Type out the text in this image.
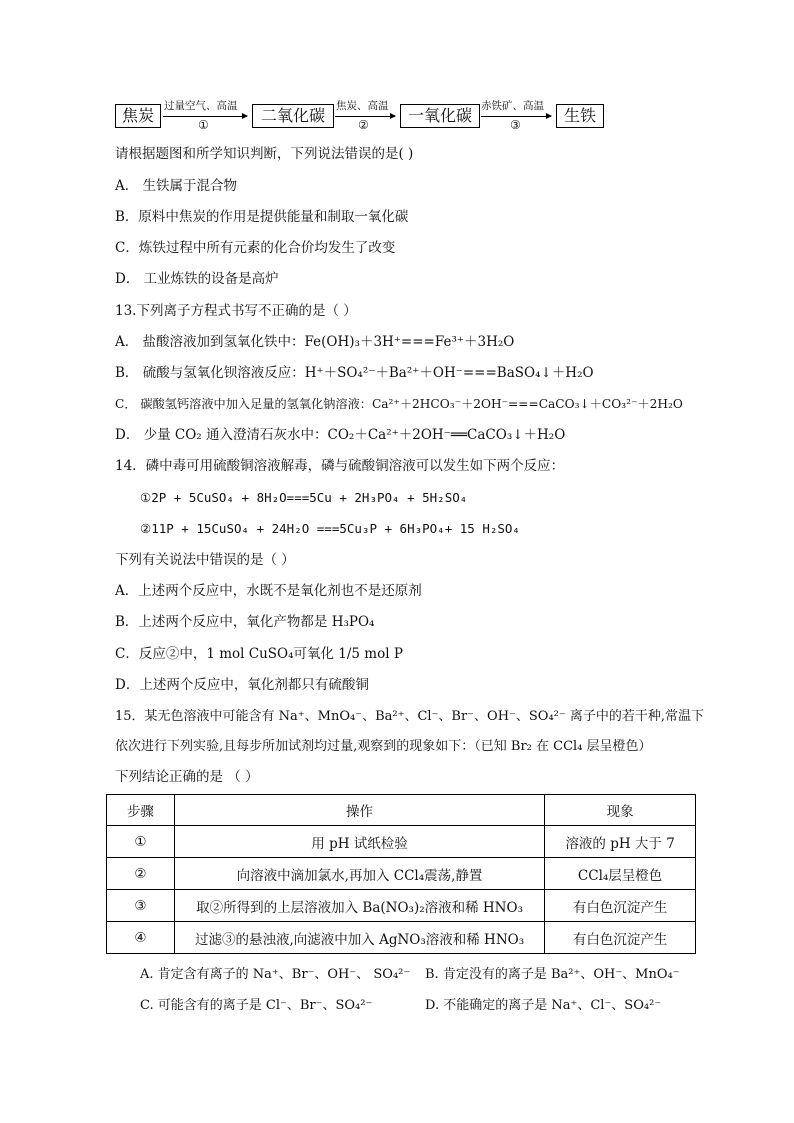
焦炭 过量空气、高温
①	二氧化碳	焦炭、高温
②	一氧化碳 赤铁矿、高温
③	生铁
请根据题图和所学知识判断，下列说法错误的是( )
A． 生铁属于混合物
B．原料中焦炭的作用是提供能量和制取一氧化碳
C．炼铁过程中所有元素的化合价均发生了改变
D． 工业炼铁的设备是高炉
13.下列离子方程式书写不正确的是（ ）
A． 盐酸溶液加到氢氧化铁中：Fe(OH)₃＋3H⁺===Fe³⁺＋3H₂O
B． 硫酸与氢氧化钡溶液反应：H⁺＋SO₄²⁻＋Ba²⁺＋OH⁻===BaSO₄↓＋H₂O
C． 碳酸氢钙溶液中加入足量的氢氧化钠溶液：Ca²⁺＋2HCO₃⁻＋2OH⁻===CaCO₃↓＋CO₃²⁻＋2H₂O
D． 少量 CO₂ 通入澄清石灰水中：CO₂＋Ca²⁺＋2OH⁻══CaCO₃↓＋H₂O
14．磷中毒可用硫酸铜溶液解毒，磷与硫酸铜溶液可以发生如下两个反应：
①2P + 5CuSO₄ + 8H₂O===5Cu + 2H₃PO₄ + 5H₂SO₄
②11P + 15CuSO₄ + 24H₂O ===5Cu₃P + 6H₃PO₄+ 15 H₂SO₄
下列有关说法中错误的是（ ）
A．上述两个反应中，水既不是氧化剂也不是还原剂
B．上述两个反应中，氧化产物都是 H₃PO₄
C．反应②中，1 mol CuSO₄可氧化 1/5 mol P
D．上述两个反应中，氧化剂都只有硫酸铜
15．某无色溶液中可能含有 Na⁺、MnO₄⁻、Ba²⁺、Cl⁻、Br⁻、OH⁻、SO₄²⁻ 离子中的若干种,常温下
依次进行下列实验,且每步所加试剂均过量,观察到的现象如下：（已知 Br₂ 在 CCl₄ 层呈橙色）
下列结论正确的是 （ ）
步骤	操作	现象
①	用 pH 试纸检验	溶液的 pH 大于 7
②	向溶液中滴加氯水,再加入 CCl₄震荡,静置	CCl₄层呈橙色
③	取②所得到的上层溶液加入 Ba(NO₃)₂溶液和稀 HNO₃	有白色沉淀产生
④	过滤③的悬浊液,向滤液中加入 AgNO₃溶液和稀 HNO₃	有白色沉淀产生
A. 肯定含有离子的 Na⁺、Br⁻、OH⁻、 SO₄²⁻ B. 肯定没有的离子是 Ba²⁺、OH⁻、MnO₄⁻
C. 可能含有的离子是 Cl⁻、Br⁻、SO₄²⁻	D. 不能确定的离子是 Na⁺、Cl⁻、SO₄²⁻
